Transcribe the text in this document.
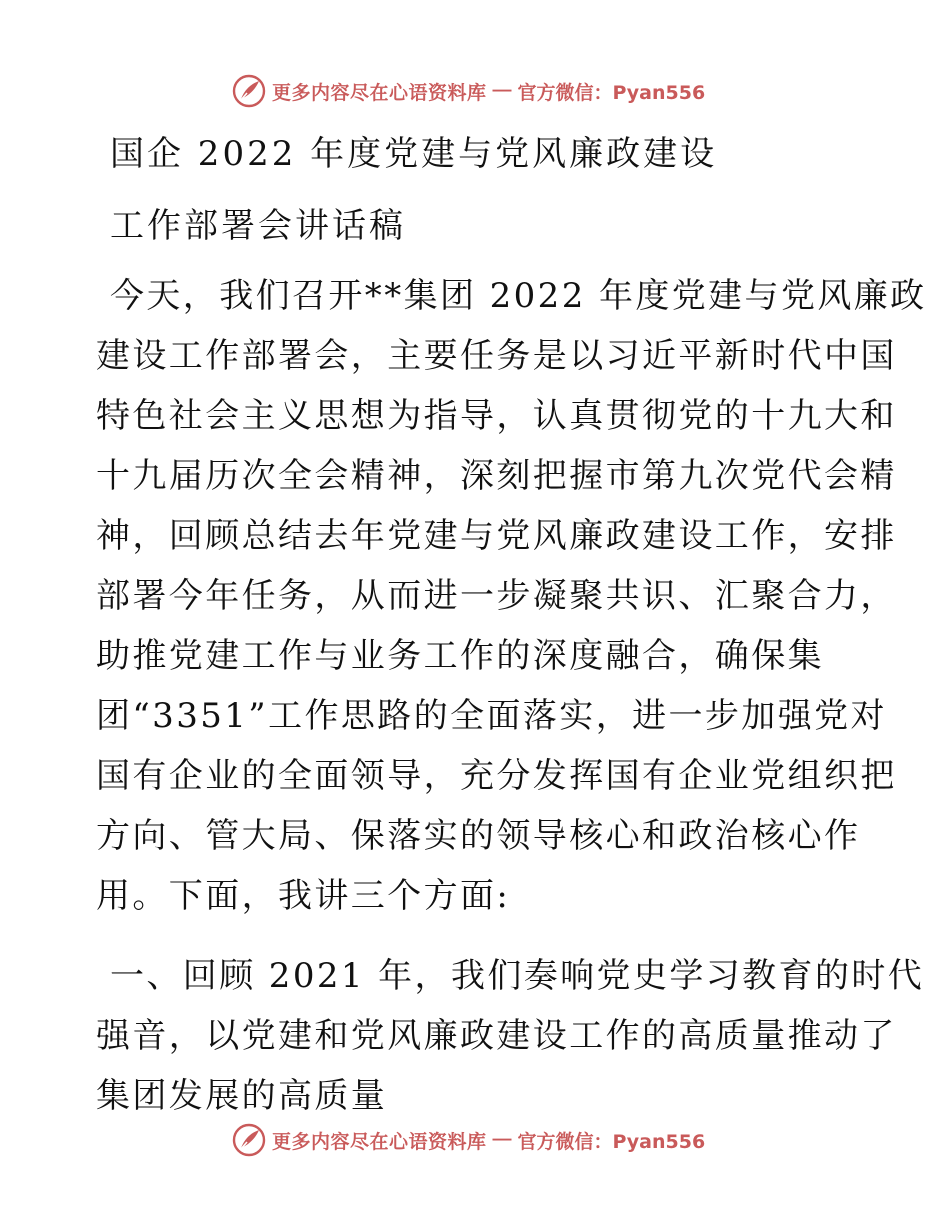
更多内容尽在心语资料库 — 官方微信：Pyan556
国企 2022 年度党建与党风廉政建设
工作部署会讲话稿
今天，我们召开**集团 2022 年度党建与党风廉政
建设工作部署会，主要任务是以习近平新时代中国
特色社会主义思想为指导，认真贯彻党的十九大和
十九届历次全会精神，深刻把握市第九次党代会精
神，回顾总结去年党建与党风廉政建设工作，安排
部署今年任务，从而进一步凝聚共识、汇聚合力，
助推党建工作与业务工作的深度融合，确保集
团“3351”工作思路的全面落实，进一步加强党对
国有企业的全面领导，充分发挥国有企业党组织把
方向、管大局、保落实的领导核心和政治核心作
用。下面，我讲三个方面:
一、回顾 2021 年，我们奏响党史学习教育的时代
强音，以党建和党风廉政建设工作的高质量推动了
集团发展的高质量
更多内容尽在心语资料库 — 官方微信：Pyan556
